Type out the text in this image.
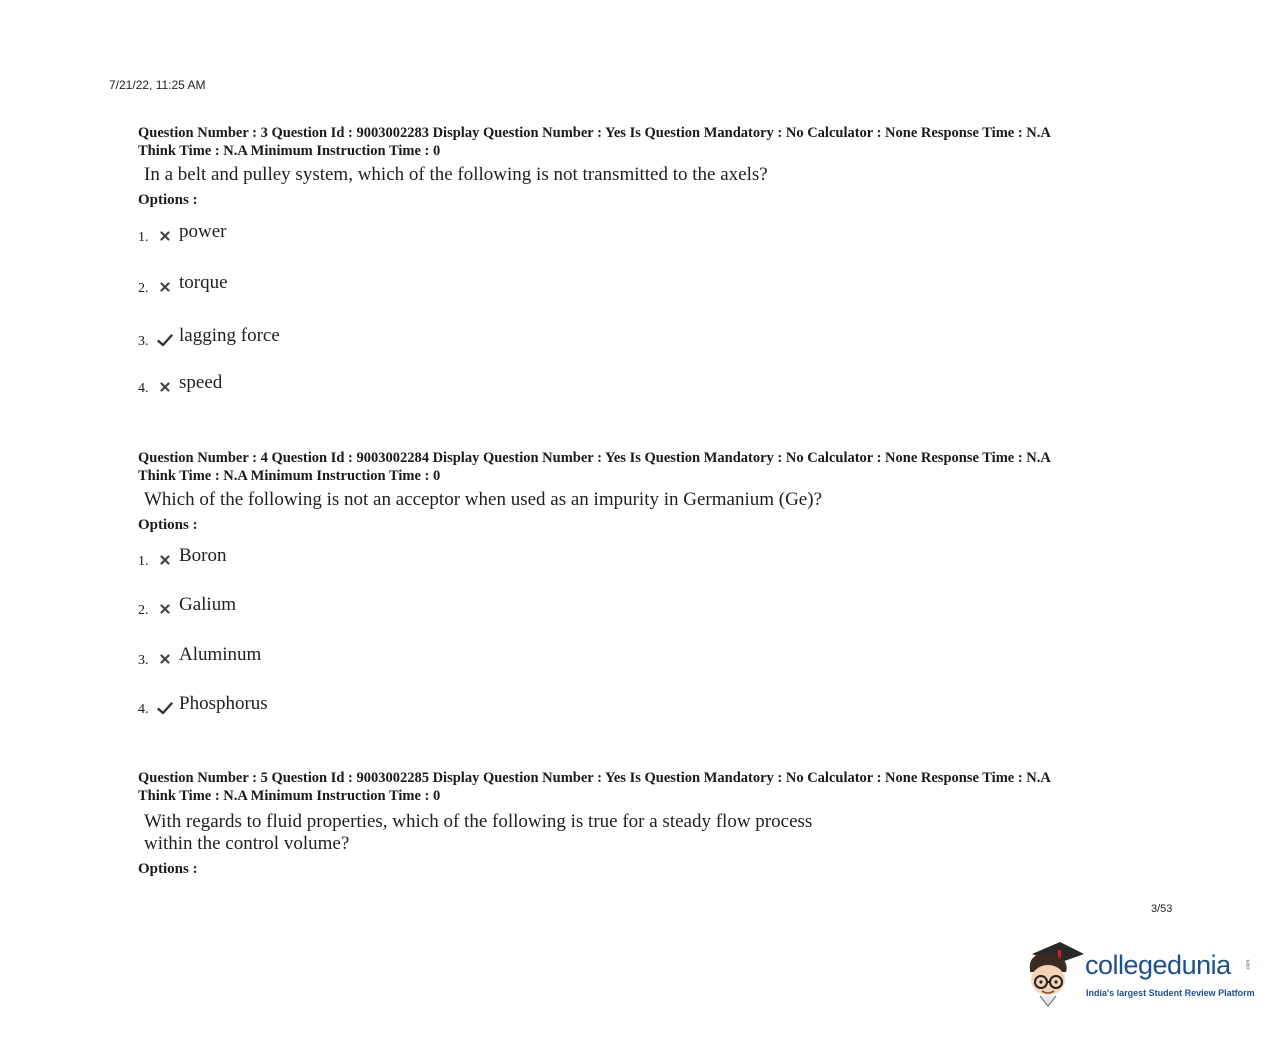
7/21/22, 11:25 AM
Question Number : 3 Question Id : 9003002283 Display Question Number : Yes Is Question Mandatory : No Calculator : None Response Time : N.A
Think Time : N.A Minimum Instruction Time : 0
In a belt and pulley system, which of the following is not transmitted to the axels?
Options :
1.	power
2.	torque
3.	lagging force
4.	speed
Question Number : 4 Question Id : 9003002284 Display Question Number : Yes Is Question Mandatory : No Calculator : None Response Time : N.A
Think Time : N.A Minimum Instruction Time : 0
Which of the following is not an acceptor when used as an impurity in Germanium (Ge)?
Options :
1.	Boron
2.	Galium
3.	Aluminum
4.	Phosphorus
Question Number : 5 Question Id : 9003002285 Display Question Number : Yes Is Question Mandatory : No Calculator : None Response Time : N.A
Think Time : N.A Minimum Instruction Time : 0
With regards to fluid properties, which of the following is true for a steady flow process
within the control volume?
Options :
3/53
collegedunia	.com
India's largest Student Review Platform
